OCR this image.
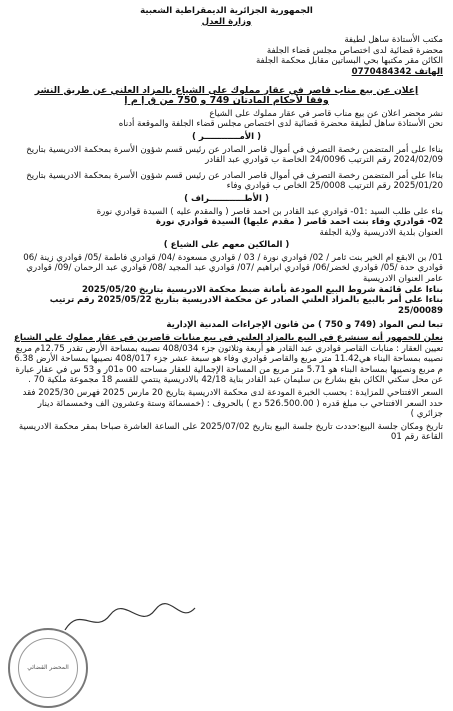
الجمهورية الجزائرية الديمقراطية الشعبية
وزارة العدل
مكتب الأستاذة ساهل لطيفة
محضرة قضائية لدى اختصاص مجلس قضاء الجلفة
الكائن مقر مكتبها بحي البساتين مقابل محكمة الجلفة
الهاتف 0770484342
إعلان عن بيع مناب قاصر في عقار مملوك على الشياع بالمزاد العلني عن طريق النشر
وفقا لأحكام المادتان 749 و 750 من ق إ م إ
نشر محضر اعلان عن بيع مناب قاصر في عقار مملوك على الشياع
نحن الأستاذة ساهل لطيفة محضرة قضائية لدى اختصاص مجلس قضاء الجلفة والموقعة أدناه
( الأمــــــــــــر )
بناءا على أمر المتضمن رخصة التصرف في أموال قاصر الصادر عن رئيس قسم شؤون الأسرة بمحكمة الادريسية بتاريخ 2024/02/09 رقم الترتيب 24/0096 الخاصة ب قوادري عبد القادر
بناءا على أمر المتضمن رخصة التصرف في أموال قاصر الصادر عن رئيس قسم شؤون الأسرة بمحكمة الادريسية بتاريخ 2025/01/20 رقم الترتيب 25/0008 الخاص ب قوادري وفاء
( الأطــــــــــــراف )
بناء على طلب السيد :01- قوادري عبد القادر بن احمد قاصر ( والمقدم عليه ) السيدة قوادري نورة
02- قوادري وفاء بنت احمد قاصر ( مقدم عليها) السيدة قوادري نورة
العنوان بلدية الادريسية ولاية الجلفة
( المالكين معهم على الشياع )
01/ بن الابقع ام الخير بنت ثامر / 02/ قوادري نورة / 03 / قوادري مسعودة /04/ قوادري فاطمة /05/ قوادري زينة /06 قوادري حدة /05/ قوادري لخضر/06/ قوادري ابراهيم /07/ قوادري عبد المجيد /08/ قوادري عبد الرحمان /09/ قوادري عامر العنوان الادريسية
بناءا على قائمة شروط البيع المودعة بأمانة ضبط محكمة الادريسية بتاريخ 2025/05/20
بناءا على أمر بالبيع بالمزاد العلني الصادر عن محكمة الادريسية بتاريخ 2025/05/22 رقم ترتيب 25/00089
تبعا لنص المواد (749 و 750 ) من قانون الإجراءات المدنية الإدارية
نعلن للجمهور أنه سنشرع في البيع بالمزاد العلني في بيع منابات قاصرين في عقار مملوك على الشياع
تعيين العقار : منابات القاصر قوادري عبد القادر هو أربعة وثلاثون جزء 408/034 نصيبه بمساحة الأرض تقدر 12.75م مربع نصيبه بمساحة البناء هي11.42 متر مربع والقاصر قوادري وفاء هو سبعة عشر جزء 408/017 نصيبها بمساحة الأرض 6.38 م مربع ونصيبها بمساحة البناء هو 5.71 متر مربع من المساحة الإجمالية للعقار مساحته 00 ه01ر و 53 س في عقار عبارة عن محل سكني الكائن بقع بشارع بن سليمان عبد القادر بناية 42/18 بالادريسية ينتمي للقسم 18 مجموعة ملكية 70 .
السعر الافتتاحي للمزايدة : بحسب الخبرة المودعة لدى محكمة الادريسية بتاريخ 20 مارس 2025 فهرس 2025/30 فقد حدد السعر الافتتاحي ب مبلغ قدره ( 526.500.00 دج ) بالحروف : (خمسمائة وستة وعشرون الف وخمسمائة دينار جزائري )
تاريخ ومكان جلسة البيع:حددت تاريخ جلسة البيع بتاريخ 2025/07/02 على الساعة العاشرة صباحا بمقر محكمة الادريسية القاعة رقم 01
المحضر القضائي
